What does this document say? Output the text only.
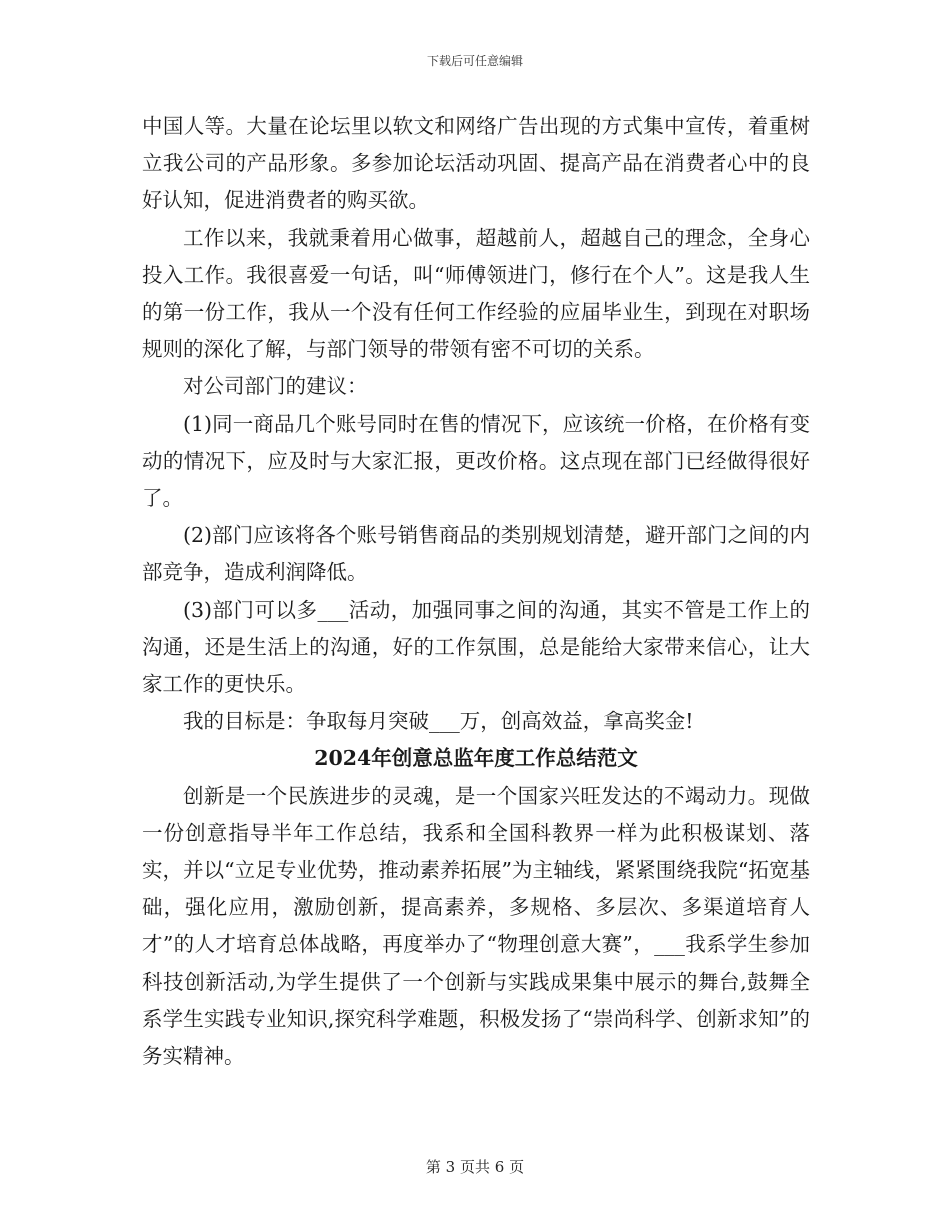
下载后可任意编辑

中国人等。大量在论坛里以软文和网络广告出现的方式集中宣传，着重树立我公司的产品形象。多参加论坛活动巩固、提高产品在消费者心中的良好认知，促进消费者的购买欲。

工作以来，我就秉着用心做事，超越前人，超越自己的理念，全身心投入工作。我很喜爱一句话，叫“师傅领进门，修行在个人”。这是我人生的第一份工作，我从一个没有任何工作经验的应届毕业生，到现在对职场规则的深化了解，与部门领导的带领有密不可切的关系。

对公司部门的建议：

(1)同一商品几个账号同时在售的情况下，应该统一价格，在价格有变动的情况下，应及时与大家汇报，更改价格。这点现在部门已经做得很好了。

(2)部门应该将各个账号销售商品的类别规划清楚，避开部门之间的内部竞争，造成利润降低。

(3)部门可以多___活动，加强同事之间的沟通，其实不管是工作上的沟通，还是生活上的沟通，好的工作氛围，总是能给大家带来信心，让大家工作的更快乐。

我的目标是：争取每月突破___万，创高效益，拿高奖金!

2024年创意总监年度工作总结范文

创新是一个民族进步的灵魂，是一个国家兴旺发达的不竭动力。现做一份创意指导半年工作总结，我系和全国科教界一样为此积极谋划、落实，并以“立足专业优势，推动素养拓展”为主轴线，紧紧围绕我院“拓宽基础，强化应用，激励创新，提高素养，多规格、多层次、多渠道培育人才”的人才培育总体战略，再度举办了“物理创意大赛”，___我系学生参加科技创新活动,为学生提供了一个创新与实践成果集中展示的舞台,鼓舞全系学生实践专业知识,探究科学难题，积极发扬了“崇尚科学、创新求知”的务实精神。

第 3 页共 6 页
